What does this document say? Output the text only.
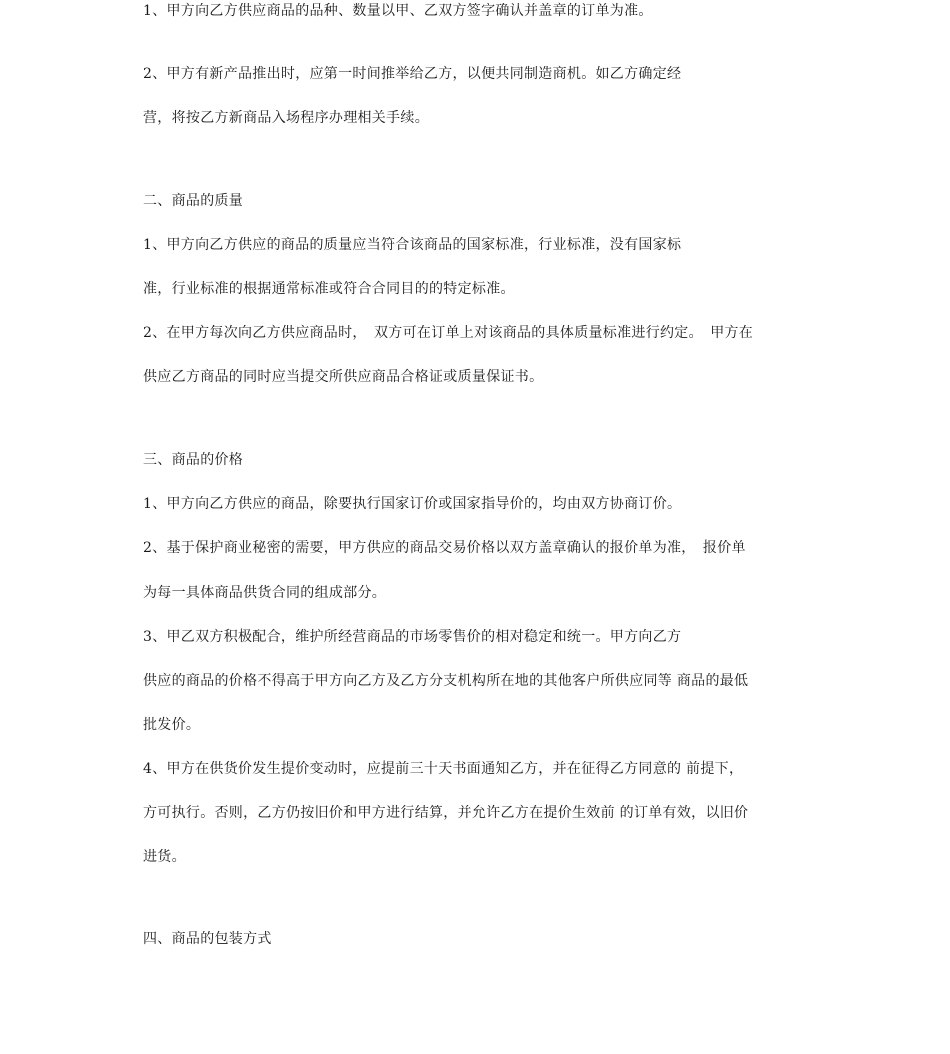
1、甲方向乙方供应商品的品种、数量以甲、乙双方签字确认并盖章的订单为准。
2、甲方有新产品推出时，应第一时间推举给乙方，以便共同制造商机。如乙方确定经
营，将按乙方新商品入场程序办理相关手续。
二、商品的质量
1、甲方向乙方供应的商品的质量应当符合该商品的国家标准，行业标准，没有国家标
准，行业标准的根据通常标准或符合合同目的的特定标准。
2、在甲方每次向乙方供应商品时，　双方可在订单上对该商品的具体质量标准进行约定。　甲方在
供应乙方商品的同时应当提交所供应商品合格证或质量保证书。
三、商品的价格
1、甲方向乙方供应的商品，除要执行国家订价或国家指导价的，均由双方协商订价。
2、基于保护商业秘密的需要，甲方供应的商品交易价格以双方盖章确认的报价单为准，　报价单
为每一具体商品供货合同的组成部分。
3、甲乙双方积极配合，维护所经营商品的市场零售价的相对稳定和统一。甲方向乙方
供应的商品的价格不得高于甲方向乙方及乙方分支机构所在地的其他客户所供应同等 商品的最低
批发价。
4、甲方在供货价发生提价变动时，应提前三十天书面通知乙方，并在征得乙方同意的 前提下，
方可执行。否则，乙方仍按旧价和甲方进行结算，并允许乙方在提价生效前 的订单有效，以旧价
进货。
四、商品的包装方式
